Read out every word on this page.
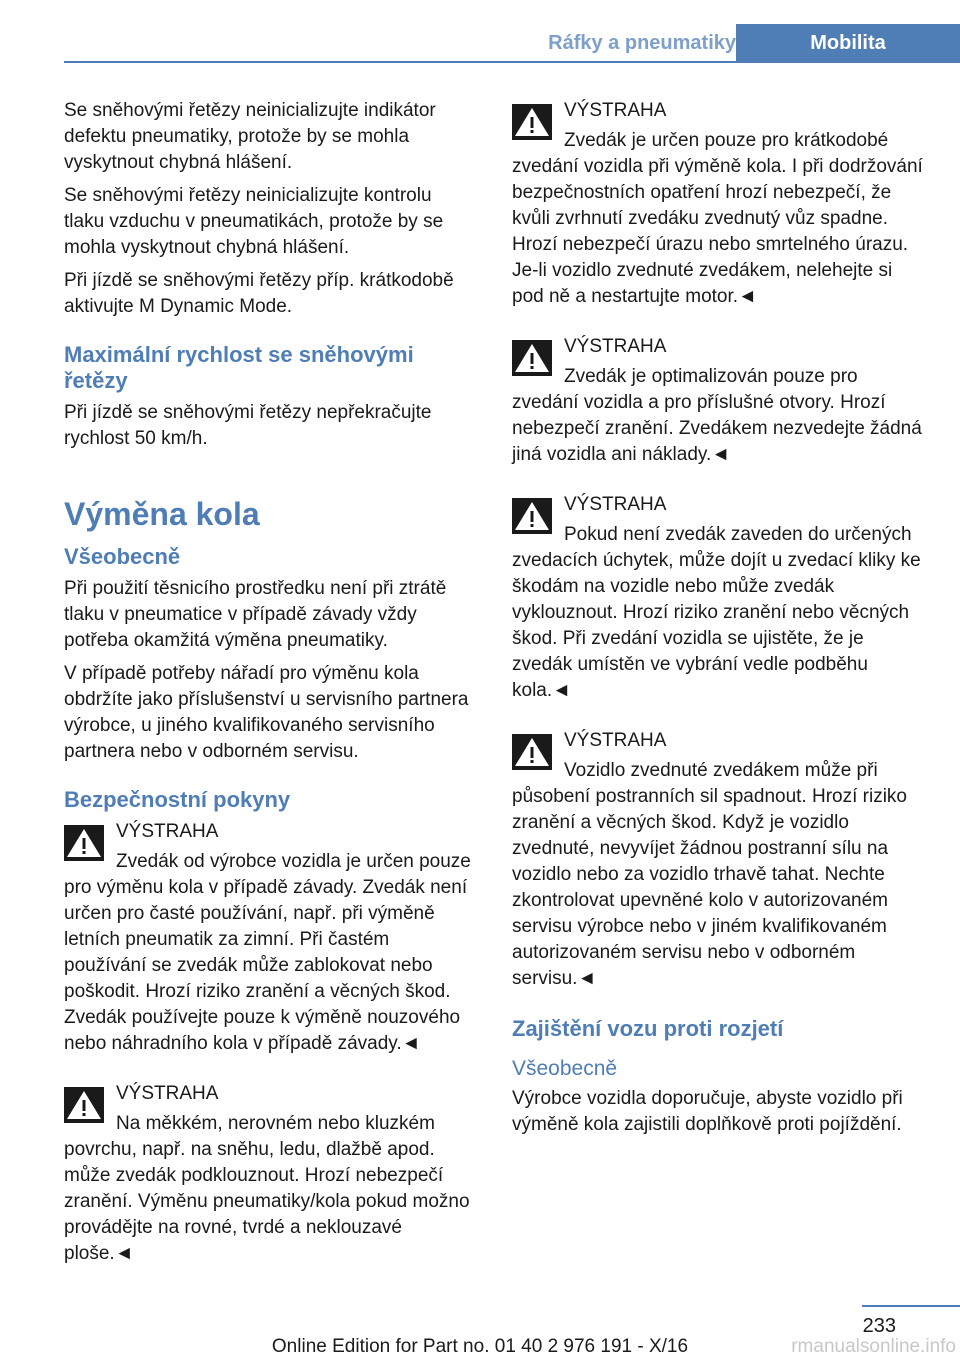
Ráfky a pneumatiky	Mobilita

Se sněhovými řetězy neinicializujte indikátor defektu pneumatiky, protože by se mohla vyskytnout chybná hlášení.

Se sněhovými řetězy neinicializujte kontrolu tlaku vzduchu v pneumatikách, protože by se mohla vyskytnout chybná hlášení.

Při jízdě se sněhovými řetězy příp. krátkodobě aktivujte M Dynamic Mode.

Maximální rychlost se sněhovými řetězy

Při jízdě se sněhovými řetězy nepřekračujte rychlost 50 km/h.

Výměna kola
Všeobecně

Při použití těsnicího prostředku není při ztrátě tlaku v pneumatice v případě závady vždy potřeba okamžitá výměna pneumatiky.

V případě potřeby nářadí pro výměnu kola obdržíte jako příslušenství u servisního partnera výrobce, u jiného kvalifikovaného servisního partnera nebo v odborném servisu.

Bezpečnostní pokyny
VÝSTRAHA
Zvedák od výrobce vozidla je určen pouze pro výměnu kola v případě závady. Zvedák není určen pro časté používání, např. při výměně letních pneumatik za zimní. Při častém používání se zvedák může zablokovat nebo poškodit. Hrozí riziko zranění a věcných škod. Zvedák používejte pouze k výměně nouzového nebo náhradního kola v případě závady.◄
VÝSTRAHA
Na měkkém, nerovném nebo kluzkém povrchu, např. na sněhu, ledu, dlažbě apod. může zvedák podklouznout. Hrozí nebezpečí zranění. Výměnu pneumatiky/kola pokud možno provádějte na rovné, tvrdé a neklouzavé ploše.◄
VÝSTRAHA
Zvedák je určen pouze pro krátkodobé zvedání vozidla při výměně kola. I při dodržování bezpečnostních opatření hrozí nebezpečí, že kvůli zvrhnutí zvedáku zvednutý vůz spadne. Hrozí nebezpečí úrazu nebo smrtelného úrazu. Je-li vozidlo zvednuté zvedákem, nelehejte si pod ně a nestartujte motor.◄
VÝSTRAHA
Zvedák je optimalizován pouze pro zvedání vozidla a pro příslušné otvory. Hrozí nebezpečí zranění. Zvedákem nezvedejte žádná jiná vozidla ani náklady.◄
VÝSTRAHA
Pokud není zvedák zaveden do určených zvedacích úchytek, může dojít u zvedací kliky ke škodám na vozidle nebo může zvedák vyklouznout. Hrozí riziko zranění nebo věcných škod. Při zvedání vozidla se ujistěte, že je zvedák umístěn ve vybrání vedle podběhu kola.◄
VÝSTRAHA
Vozidlo zvednuté zvedákem může při působení postranních sil spadnout. Hrozí riziko zranění a věcných škod. Když je vozidlo zvednuté, nevyvíjet žádnou postranní sílu na vozidlo nebo za vozidlo trhavě tahat. Nechte zkontrolovat upevněné kolo v autorizovaném servisu výrobce nebo v jiném kvalifikovaném autorizovaném servisu nebo v odborném servisu.◄
Zajištění vozu proti rozjetí
Všeobecně

Výrobce vozidla doporučuje, abyste vozidlo při výměně kola zajistili doplňkově proti pojíždění.

233
Online Edition for Part no. 01 40 2 976 191 - X/16	rmanualsonline.info
